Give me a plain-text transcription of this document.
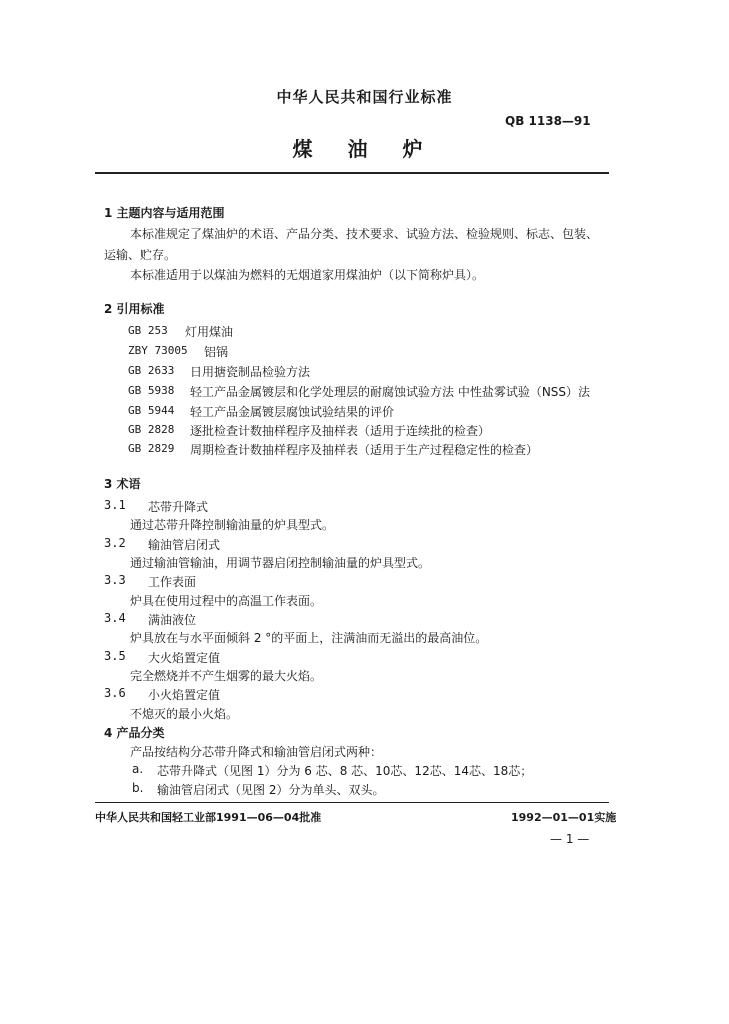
中华人民共和国行业标准
QB 1138—91
煤 油 炉
1 主题内容与适用范围
本标准规定了煤油炉的术语、产品分类、技术要求、试验方法、检验规则、标志、包装、
运输、贮存。
本标准适用于以煤油为燃料的无烟道家用煤油炉（以下简称炉具）。
2 引用标准
GB 253 灯用煤油
ZBY 73005 铝锅
GB 2633 日用搪瓷制品检验方法
GB 5938 轻工产品金属镀层和化学处理层的耐腐蚀试验方法 中性盐雾试验（NSS）法
GB 5944 轻工产品金属镀层腐蚀试验结果的评价
GB 2828 逐批检查计数抽样程序及抽样表（适用于连续批的检查）
GB 2829 周期检查计数抽样程序及抽样表（适用于生产过程稳定性的检查）
3 术语
3.1 芯带升降式
通过芯带升降控制输油量的炉具型式。
3.2 输油管启闭式
通过输油管输油，用调节器启闭控制输油量的炉具型式。
3.3 工作表面
炉具在使用过程中的高温工作表面。
3.4 满油液位
炉具放在与水平面倾斜 2 °的平面上，注满油而无溢出的最高油位。
3.5 大火焰置定值
完全燃烧并不产生烟雾的最大火焰。
3.6 小火焰置定值
不熄灭的最小火焰。
4 产品分类
产品按结构分芯带升降式和输油管启闭式两种：
a. 芯带升降式（见图 1）分为 6 芯、8 芯、10芯、12芯、14芯、18芯；
b. 输油管启闭式（见图 2）分为单头、双头。
中华人民共和国轻工业部1991—06—04批准	1992—01—01实施
— 1 —
